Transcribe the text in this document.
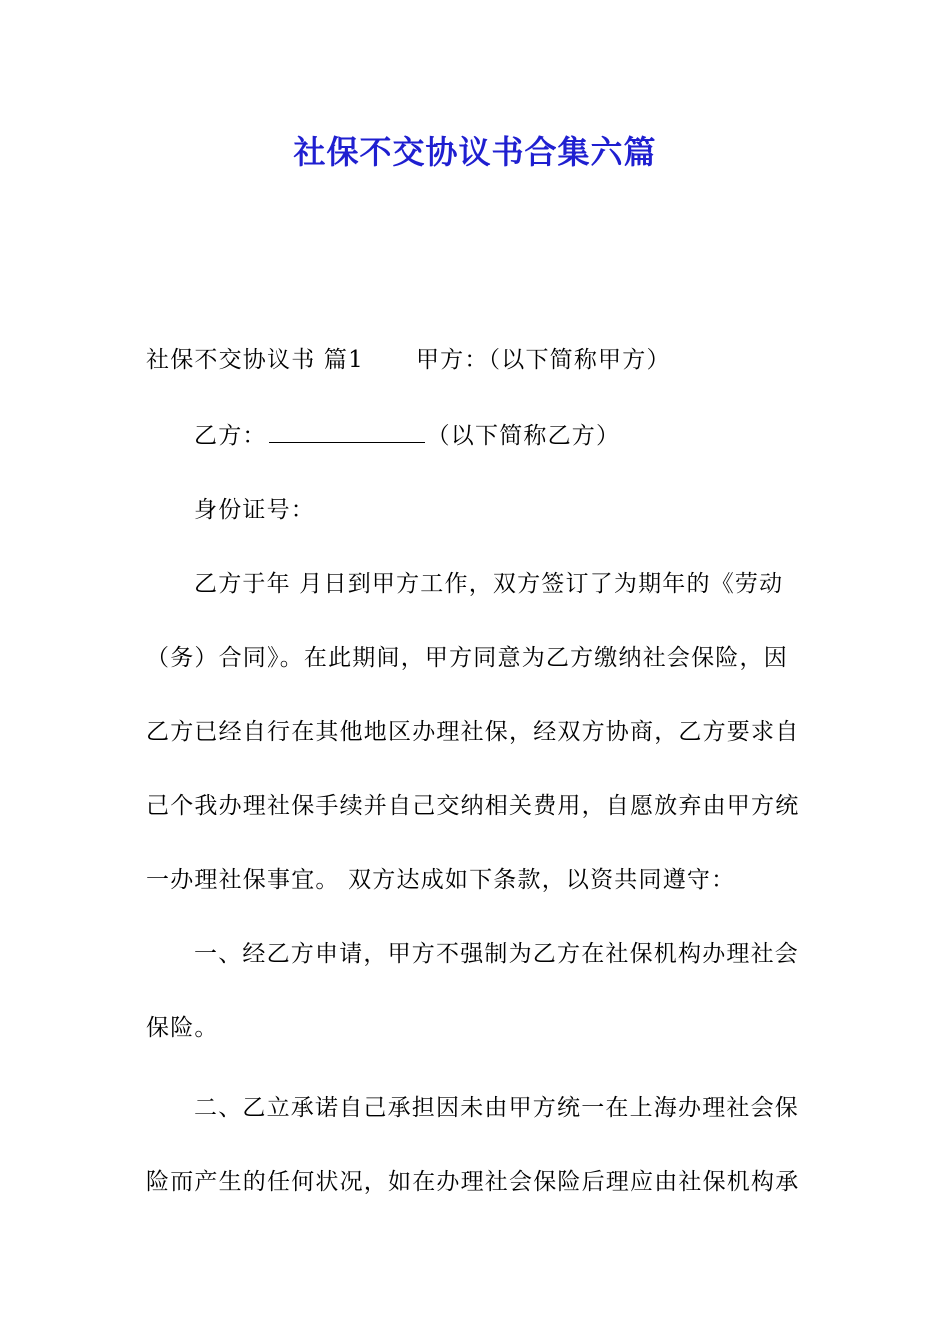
社保不交协议书合集六篇
社保不交协议书 篇1 甲方：（以下简称甲方）
乙方：	（以下简称乙方）
身份证号：
乙方于年 月日到甲方工作，双方签订了为期年的《劳动
（务）合同》。在此期间，甲方同意为乙方缴纳社会保险，因
乙方已经自行在其他地区办理社保，经双方协商，乙方要求自
己个我办理社保手续并自己交纳相关费用，自愿放弃由甲方统
一办理社保事宜。 双方达成如下条款，以资共同遵守：
一、经乙方申请，甲方不强制为乙方在社保机构办理社会
保险。
二、乙立承诺自己承担因未由甲方统一在上海办理社会保
险而产生的任何状况，如在办理社会保险后理应由社保机构承
